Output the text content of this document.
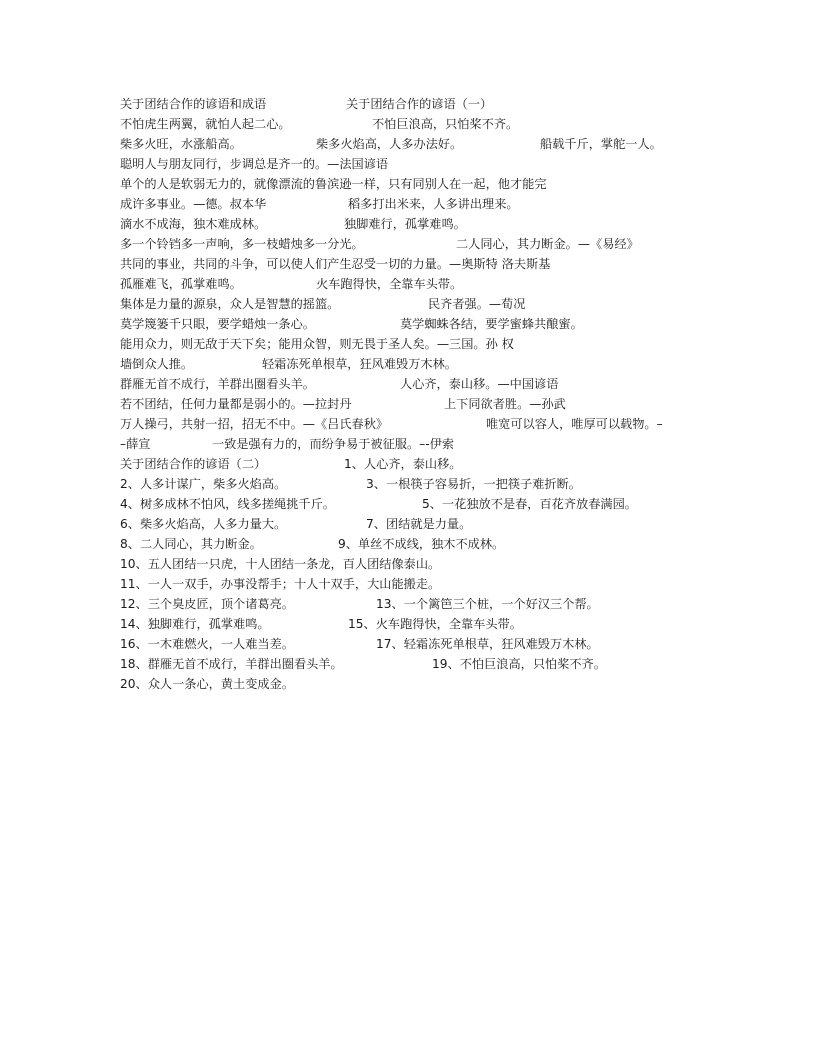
关于团结合作的谚语和成语	关于团结合作的谚语（一）
不怕虎生两翼，就怕人起二心。	不怕巨浪高，只怕桨不齐。
柴多火旺，水涨船高。	柴多火焰高，人多办法好。	船载千斤，掌舵一人。
聪明人与朋友同行，步调总是齐一的。—法国谚语
单个的人是软弱无力的，就像漂流的鲁滨逊一样，只有同别人在一起，他才能完
成许多事业。—德。叔本华	稻多打出米来，人多讲出理来。
滴水不成海，独木难成林。	独脚难行，孤掌难鸣。
多一个铃铛多一声响，多一枝蜡烛多一分光。	二人同心，其力断金。—《易经》
共同的事业，共同的斗争，可以使人们产生忍受一切的力量。—奥斯特 洛夫斯基
孤雁难飞，孤掌难鸣。	火车跑得快，全靠车头带。
集体是力量的源泉，众人是智慧的摇篮。	民齐者强。—荀况
莫学篾篓千只眼，要学蜡烛一条心。	莫学蜘蛛各结，要学蜜蜂共酿蜜。
能用众力，则无敌于天下矣；能用众智，则无畏于圣人矣。—三国。孙 权
墙倒众人推。	轻霜冻死单根草，狂风难毁万木林。
群雁无首不成行，羊群出圈看头羊。	人心齐，泰山移。—中国谚语
若不团结，任何力量都是弱小的。—拉封丹	上下同欲者胜。—孙武
万人操弓，共射一招，招无不中。—《吕氏春秋》	唯宽可以容人，唯厚可以载物。–
–薛宣	一致是强有力的，而纷争易于被征服。–-伊索
关于团结合作的谚语（二）	1、人心齐，泰山移。
2、人多计谋广，柴多火焰高。	3、一根筷子容易折，一把筷子难折断。
4、树多成林不怕风，线多搓绳挑千斤。	5、一花独放不是春，百花齐放春满园。
6、柴多火焰高，人多力量大。	7、团结就是力量。
8、二人同心，其力断金。	9、单丝不成线，独木不成林。
10、五人团结一只虎，十人团结一条龙，百人团结像泰山。
11、一人一双手，办事没帮手；十人十双手，大山能搬走。
12、三个臭皮匠，顶个诸葛亮。	13、一个篱笆三个桩，一个好汉三个帮。
14、独脚难行，孤掌难鸣。	15、火车跑得快，全靠车头带。
16、一木难燃火，一人难当差。	17、轻霜冻死单根草，狂风难毁万木林。
18、群雁无首不成行，羊群出圈看头羊。	19、不怕巨浪高，只怕桨不齐。
20、众人一条心，黄土变成金。
